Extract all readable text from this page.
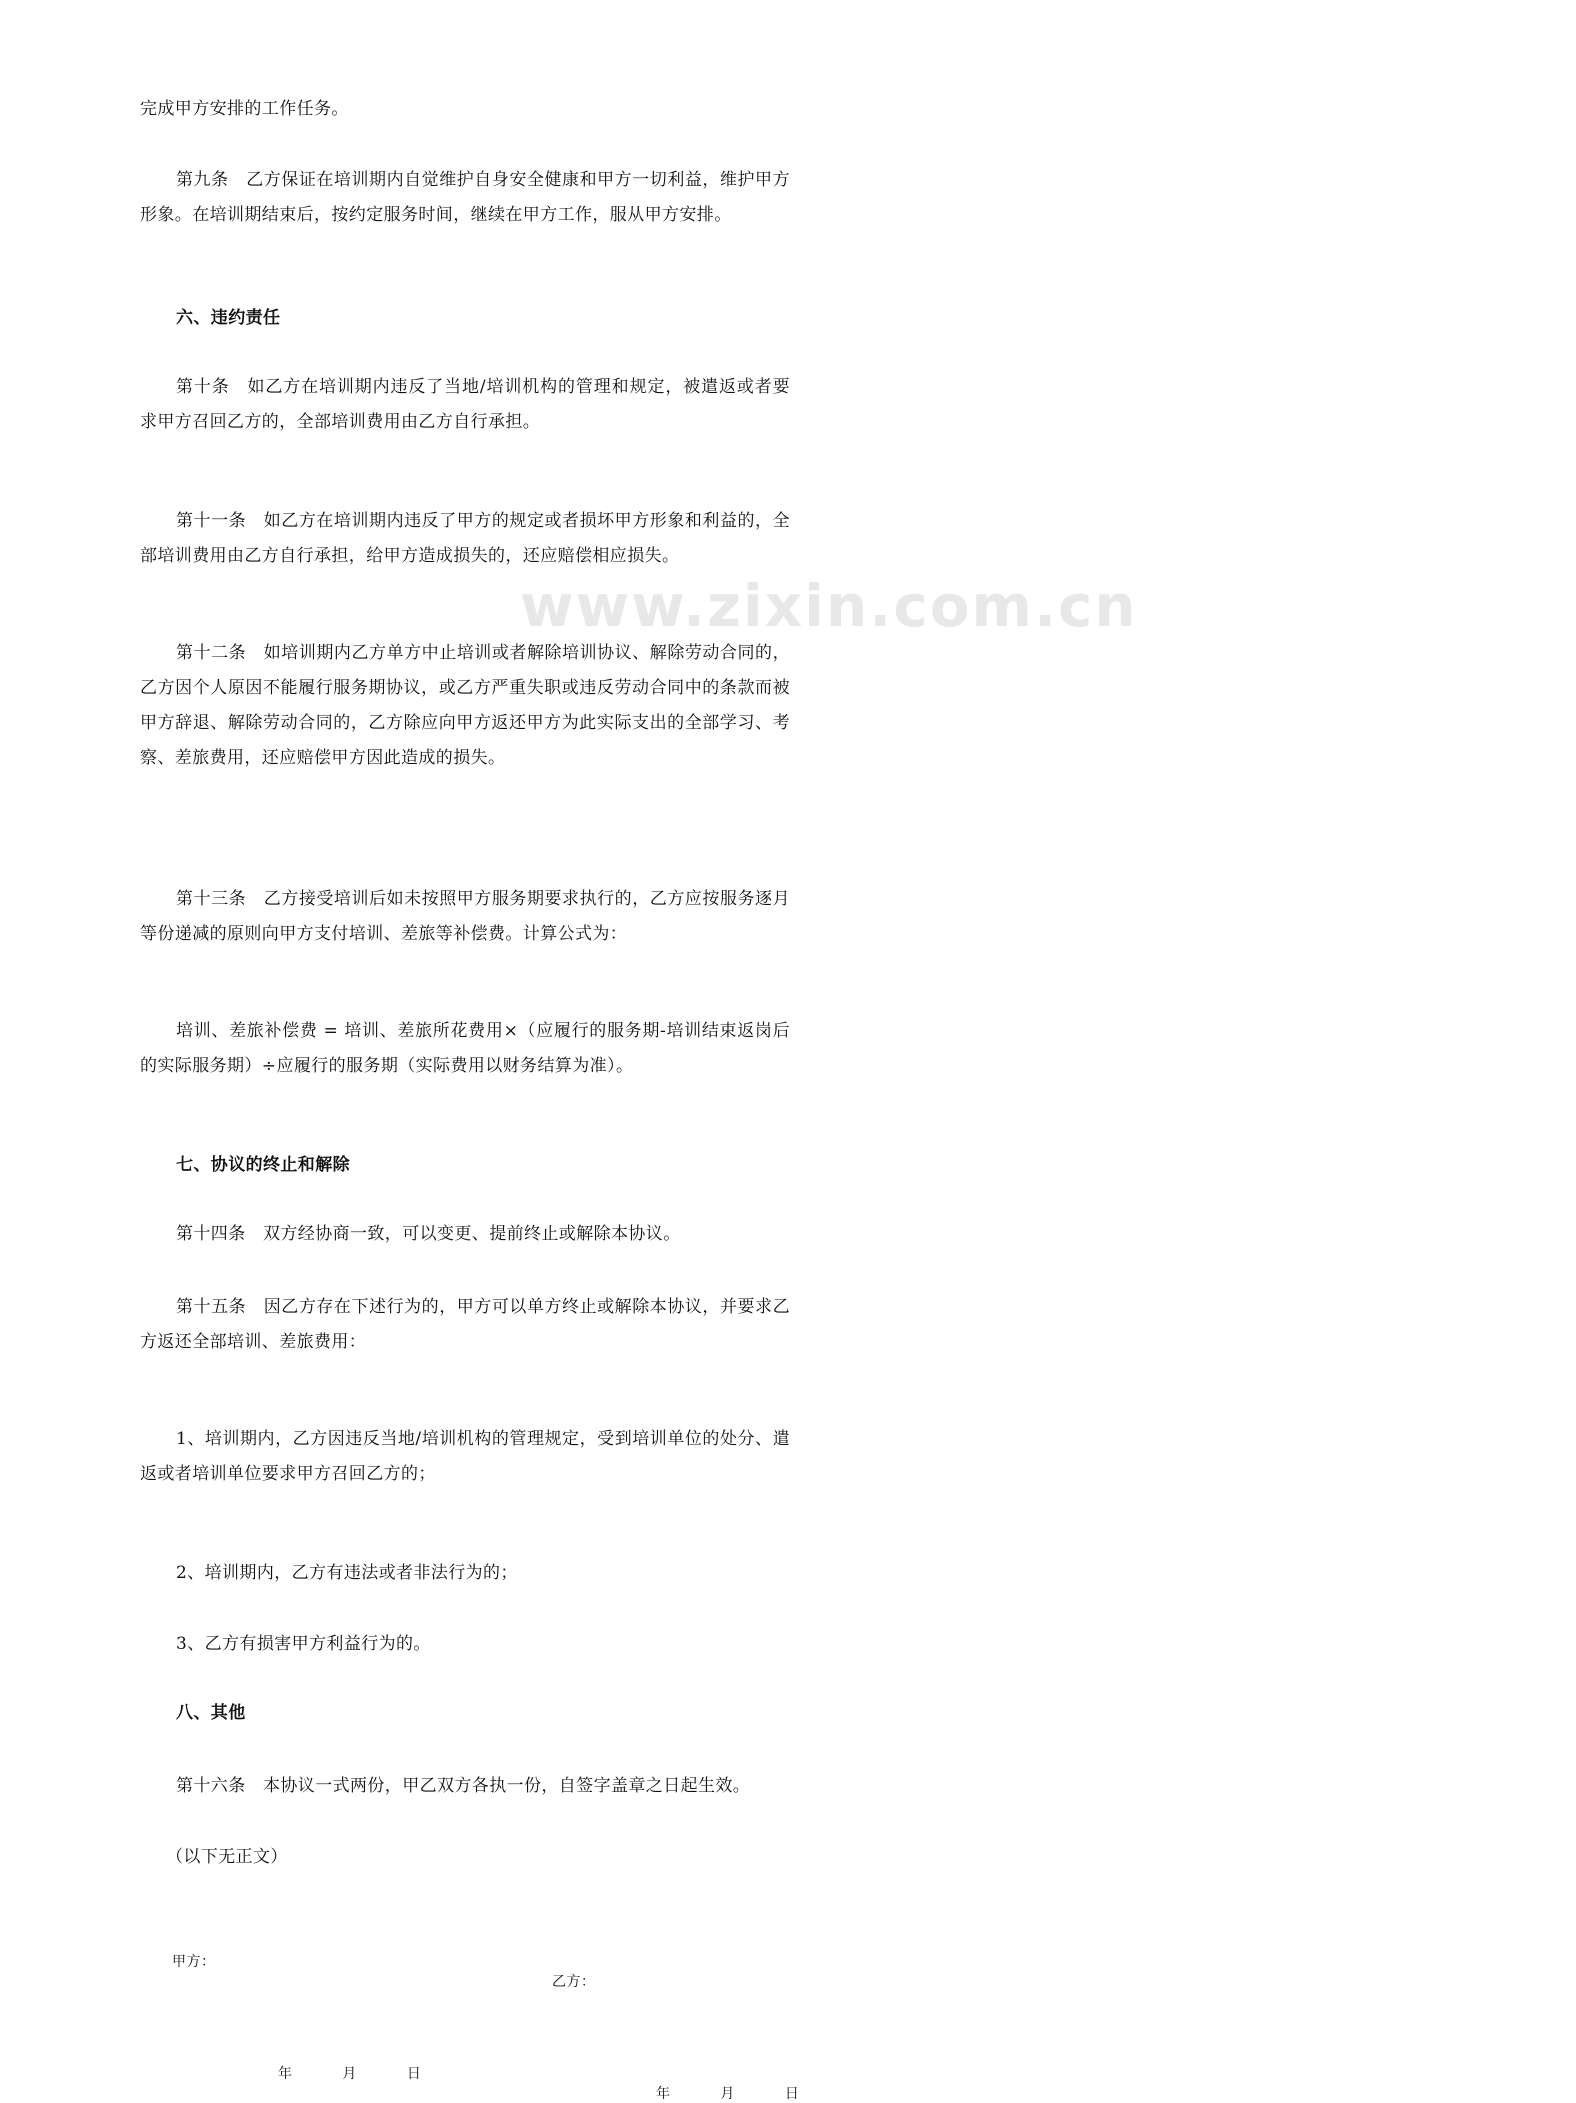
www.zixin.com.cn

完成甲方安排的工作任务。

第九条　乙方保证在培训期内自觉维护自身安全健康和甲方一切利益，维护甲方形象。在培训期结束后，按约定服务时间，继续在甲方工作，服从甲方安排。

六、违约责任

第十条　如乙方在培训期内违反了当地/培训机构的管理和规定，被遣返或者要求甲方召回乙方的，全部培训费用由乙方自行承担。

第十一条　如乙方在培训期内违反了甲方的规定或者损坏甲方形象和利益的，全部培训费用由乙方自行承担，给甲方造成损失的，还应赔偿相应损失。

第十二条　如培训期内乙方单方中止培训或者解除培训协议、解除劳动合同的，乙方因个人原因不能履行服务期协议，或乙方严重失职或违反劳动合同中的条款而被甲方辞退、解除劳动合同的，乙方除应向甲方返还甲方为此实际支出的全部学习、考察、差旅费用，还应赔偿甲方因此造成的损失。

第十三条　乙方接受培训后如未按照甲方服务期要求执行的，乙方应按服务逐月等份递减的原则向甲方支付培训、差旅等补偿费。计算公式为：

培训、差旅补偿费 = 培训、差旅所花费用×（应履行的服务期-培训结束返岗后的实际服务期）÷应履行的服务期（实际费用以财务结算为准）。

七、协议的终止和解除

第十四条　双方经协商一致，可以变更、提前终止或解除本协议。

第十五条　因乙方存在下述行为的，甲方可以单方终止或解除本协议，并要求乙方返还全部培训、差旅费用：

1、培训期内，乙方因违反当地/培训机构的管理规定，受到培训单位的处分、遣返或者培训单位要求甲方召回乙方的；

2、培训期内，乙方有违法或者非法行为的；

3、乙方有损害甲方利益行为的。

八、其他

第十六条　本协议一式两份，甲乙双方各执一份，自签字盖章之日起生效。

（以下无正文）

甲方：

乙方：

年	月	日
年	月	日
